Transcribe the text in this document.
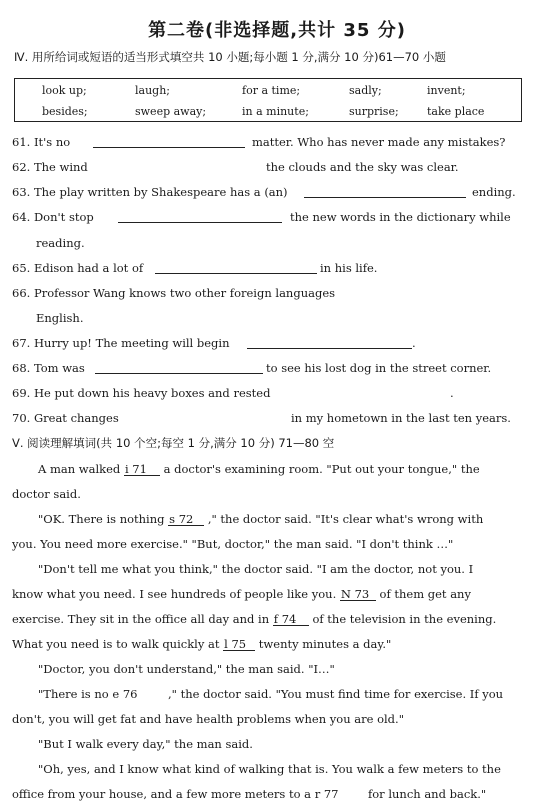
第二卷(非选择题,共计 35 分)
Ⅳ. 用所给词或短语的适当形式填空共 10 小题;每小题 1 分,满分 10 分)61—70 小题
look up;	laugh;	for a time;	sadly;	invent;
besides;	sweep away;	in a minute;	surprise;	take place
61. It's no	matter. Who has never made any mistakes?
62. The wind	the clouds and the sky was clear.
63. The play written by Shakespeare has a (an)	ending.
64. Don't stop	the new words in the dictionary while
reading.
65. Edison had a lot of	in his life.
66. Professor Wang knows two other foreign languages
English.
67. Hurry up! The meeting will begin	.
68. Tom was	to see his lost dog in the street corner.
69. He put down his heavy boxes and rested	.
70. Great changes	in my hometown in the last ten years.
Ⅴ. 阅读理解填词(共 10 个空;每空 1 分,满分 10 分) 71—80 空
A man walked i 71 a doctor's examining room. "Put out your tongue," the
doctor said.
"OK. There is nothing s 72 ," the doctor said. "It's clear what's wrong with
you. You need more exercise." "But, doctor," the man said. "I don't think …"
"Don't tell me what you think," the doctor said. "I am the doctor, not you. I
know what you need. I see hundreds of people like you. N 73 of them get any
exercise. They sit in the office all day and in f 74 of the television in the evening.
What you need is to walk quickly at l 75 twenty minutes a day."
"Doctor, you don't understand," the man said. "I…"
"There is no e 76	," the doctor said. "You must find time for exercise. If you
don't, you will get fat and have health problems when you are old."
"But I walk every day," the man said.
"Oh, yes, and I know what kind of walking that is. You walk a few meters to the
office from your house, and a few more meters to a r 77	for lunch and back."
